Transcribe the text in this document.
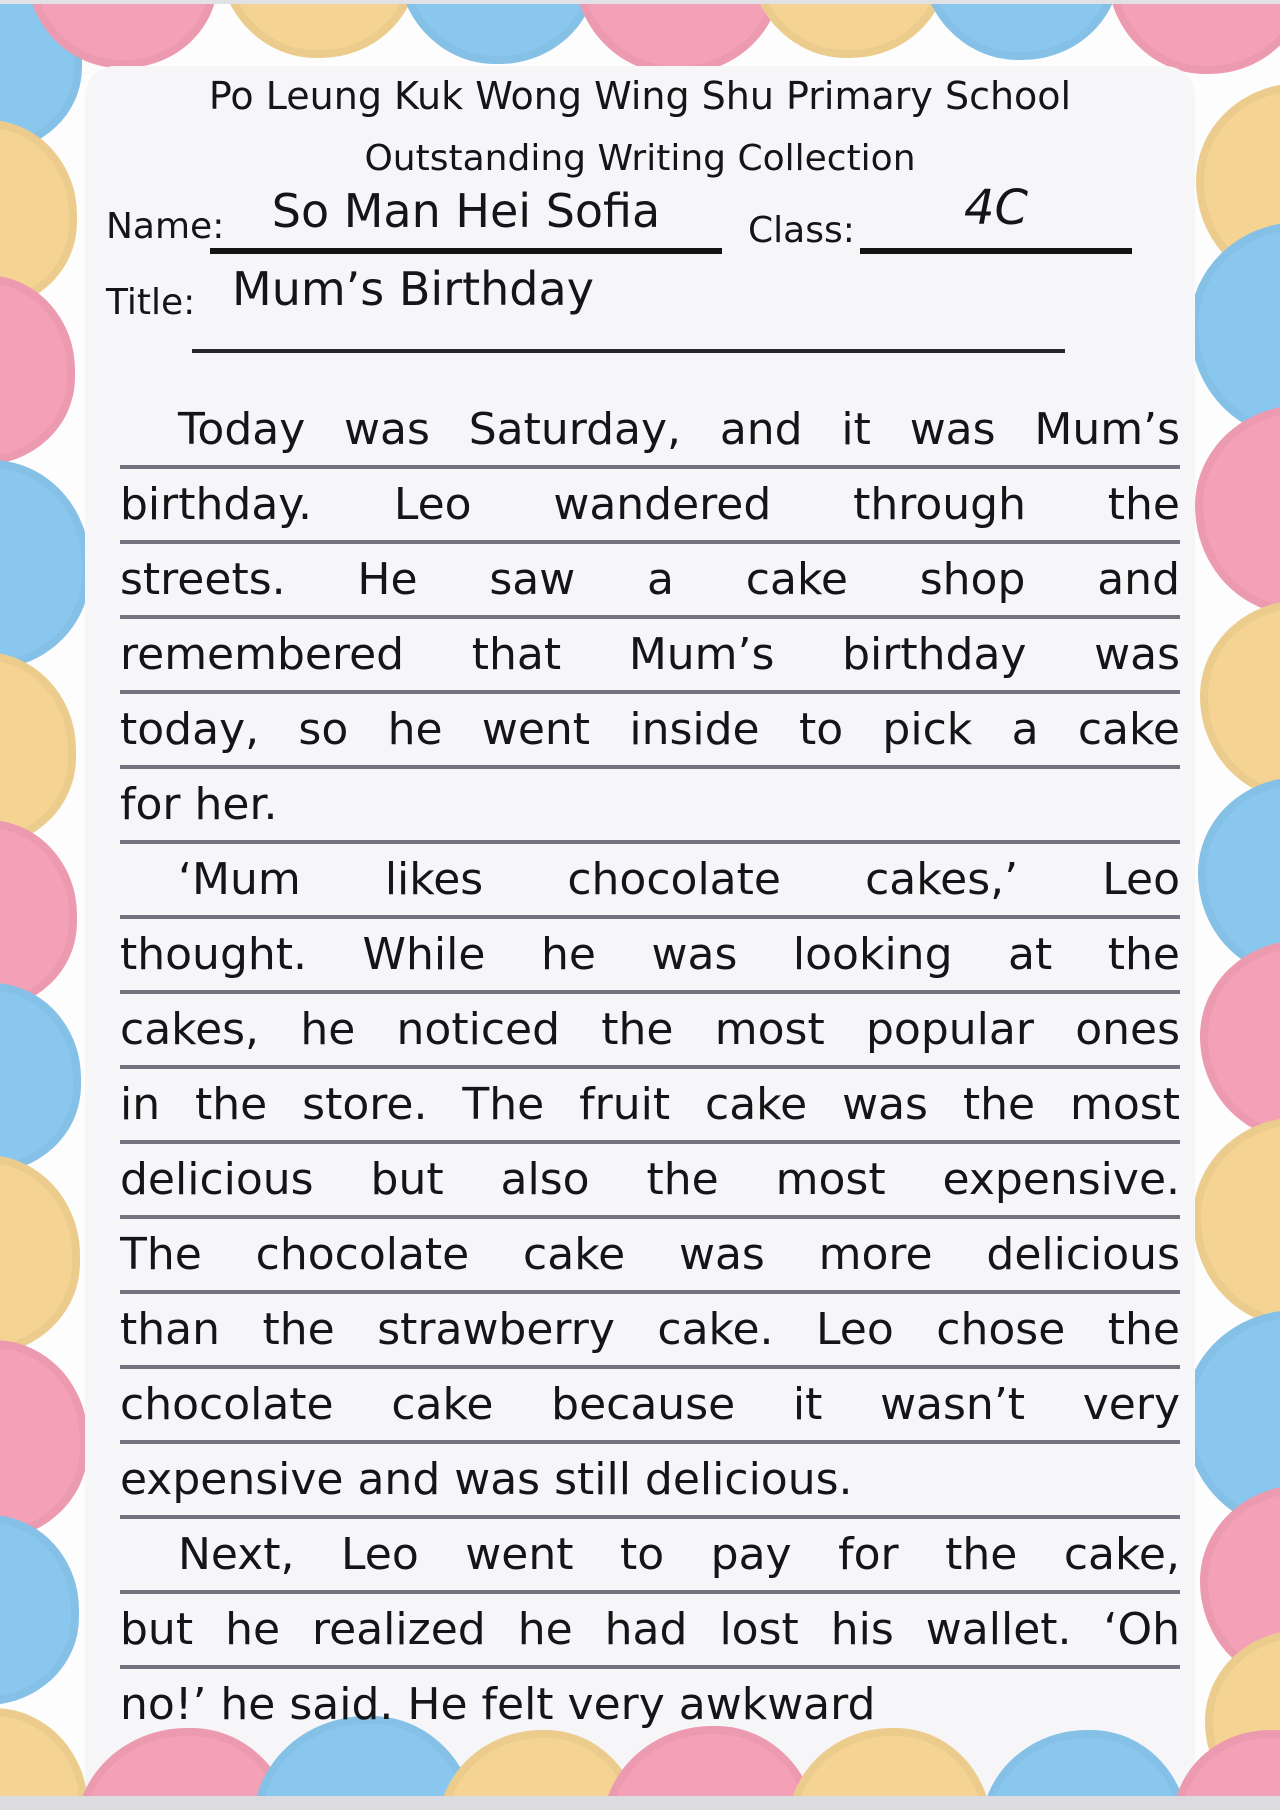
Po Leung Kuk Wong Wing Shu Primary School
Outstanding Writing Collection
Name:	So Man Hei Sofia	Class:	4C
Title: Mum’s Birthday
Today was Saturday, and it was Mum’s
birthday. Leo wandered through the
streets. He saw a cake shop and
remembered that Mum’s birthday was
today, so he went inside to pick a cake
for her.
‘Mum likes chocolate cakes,’ Leo
thought. While he was looking at the
cakes, he noticed the most popular ones
in the store. The fruit cake was the most
delicious but also the most expensive.
The chocolate cake was more delicious
than the strawberry cake. Leo chose the
chocolate cake because it wasn’t very
expensive and was still delicious.
Next, Leo went to pay for the cake,
but he realized he had lost his wallet. ‘Oh
no!’ he said. He felt very awkward
